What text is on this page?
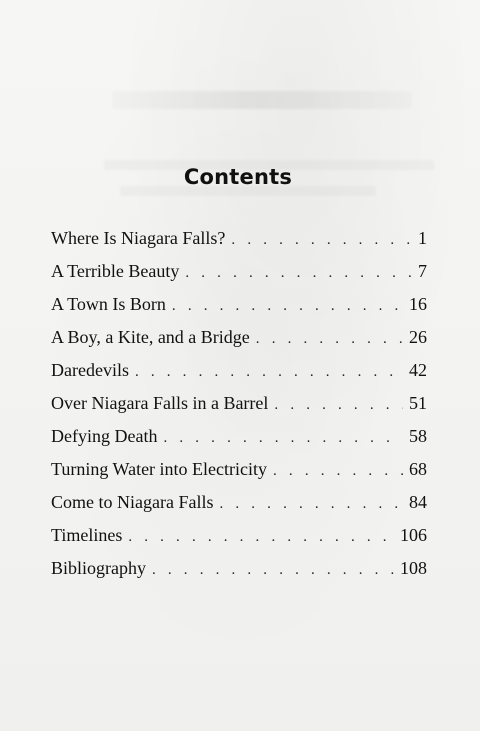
Contents
Where Is Niagara Falls? . . .	1
A Terrible Beauty . . .	7
A Town Is Born . . .	16
A Boy, a Kite, and a Bridge . . .	26
Daredevils . . .	42
Over Niagara Falls in a Barrel . . .	51
Defying Death . . .	58
Turning Water into Electricity . . .	68
Come to Niagara Falls . . .	84
Timelines . . .	106
Bibliography . . .	108
